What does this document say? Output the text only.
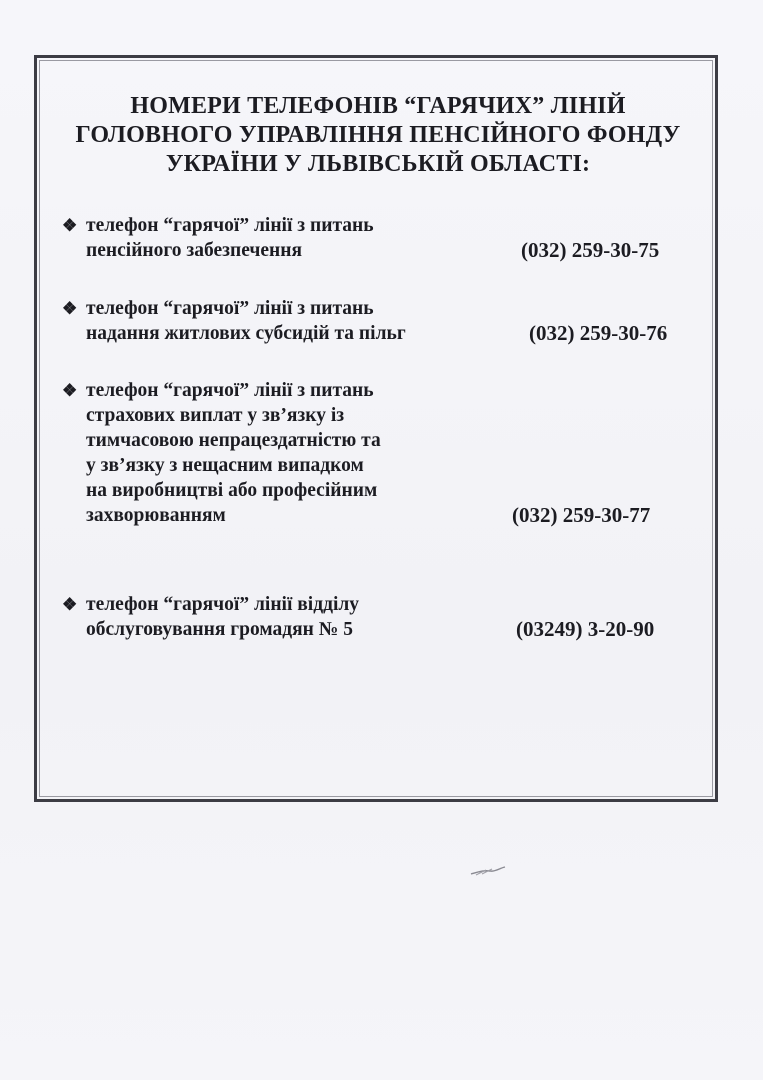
НОМЕРИ ТЕЛЕФОНІВ “ГАРЯЧИХ” ЛІНІЙ
ГОЛОВНОГО УПРАВЛІННЯ ПЕНСІЙНОГО ФОНДУ
УКРАЇНИ У ЛЬВІВСЬКІЙ ОБЛАСТІ:
❖ телефон “гарячої” лінії з питань
пенсійного забезпечення	(032) 259-30-75
❖ телефон “гарячої” лінії з питань
надання житлових субсидій та пільг	(032) 259-30-76
❖ телефон “гарячої” лінії з питань
страхових виплат у зв’язку із
тимчасовою непрацездатністю та
у зв’язку з нещасним випадком
на виробництві або професійним
захворюванням	(032) 259-30-77
❖ телефон “гарячої” лінії відділу
обслуговування громадян № 5	(03249) 3-20-90
